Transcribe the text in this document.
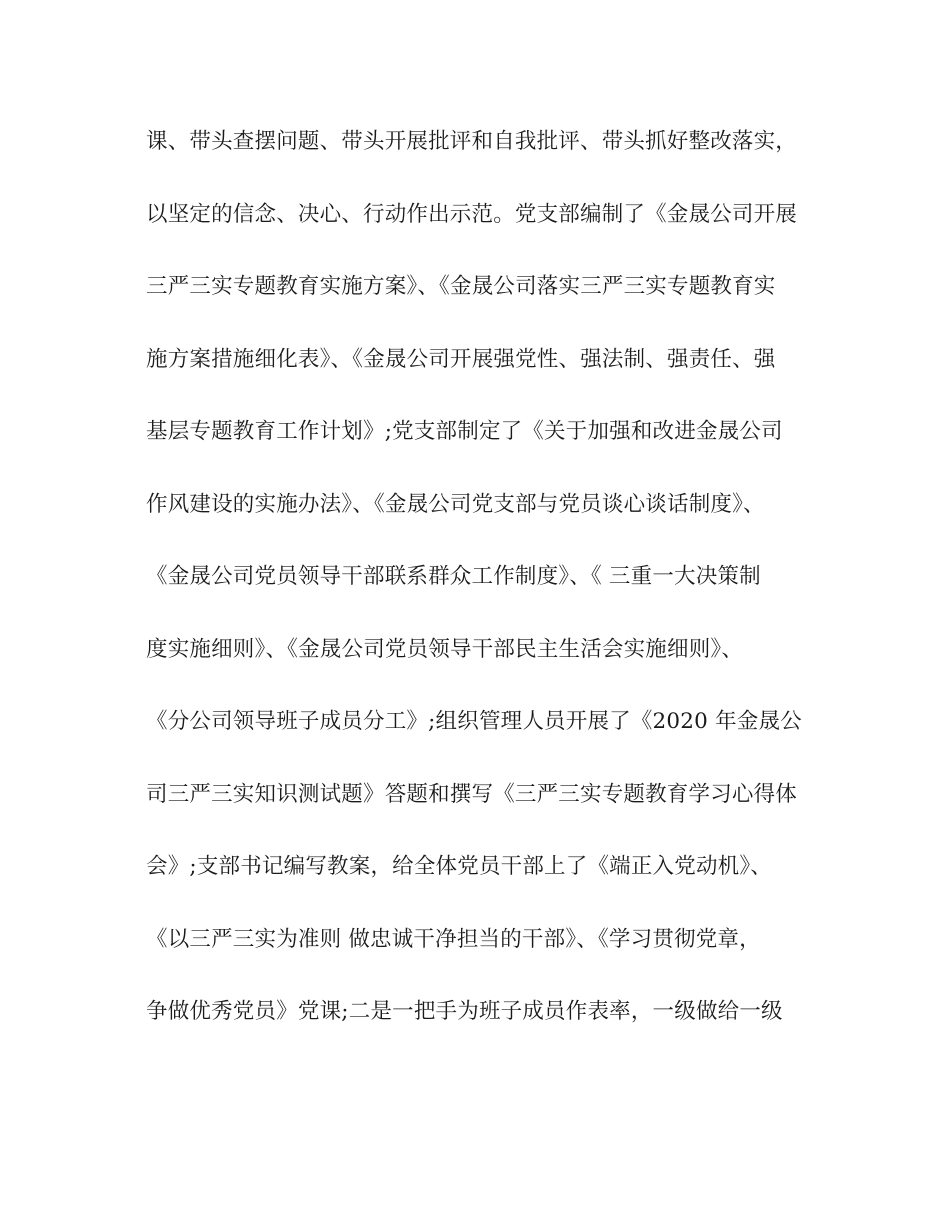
课、带头查摆问题、带头开展批评和自我批评、带头抓好整改落实，
以坚定的信念、决心、行动作出示范。党支部编制了《金晟公司开展
三严三实专题教育实施方案》、《金晟公司落实三严三实专题教育实
施方案措施细化表》、《金晟公司开展强党性、强法制、强责任、强
基层专题教育工作计划》;党支部制定了《关于加强和改进金晟公司
作风建设的实施办法》、《金晟公司党支部与党员谈心谈话制度》、
《金晟公司党员领导干部联系群众工作制度》、《 三重一大决策制
度实施细则》、《金晟公司党员领导干部民主生活会实施细则》、
《分公司领导班子成员分工》;组织管理人员开展了《2020 年金晟公
司三严三实知识测试题》答题和撰写《三严三实专题教育学习心得体
会》;支部书记编写教案，给全体党员干部上了《端正入党动机》、
《以三严三实为准则 做忠诚干净担当的干部》、《学习贯彻党章，
争做优秀党员》党课;二是一把手为班子成员作表率，一级做给一级
